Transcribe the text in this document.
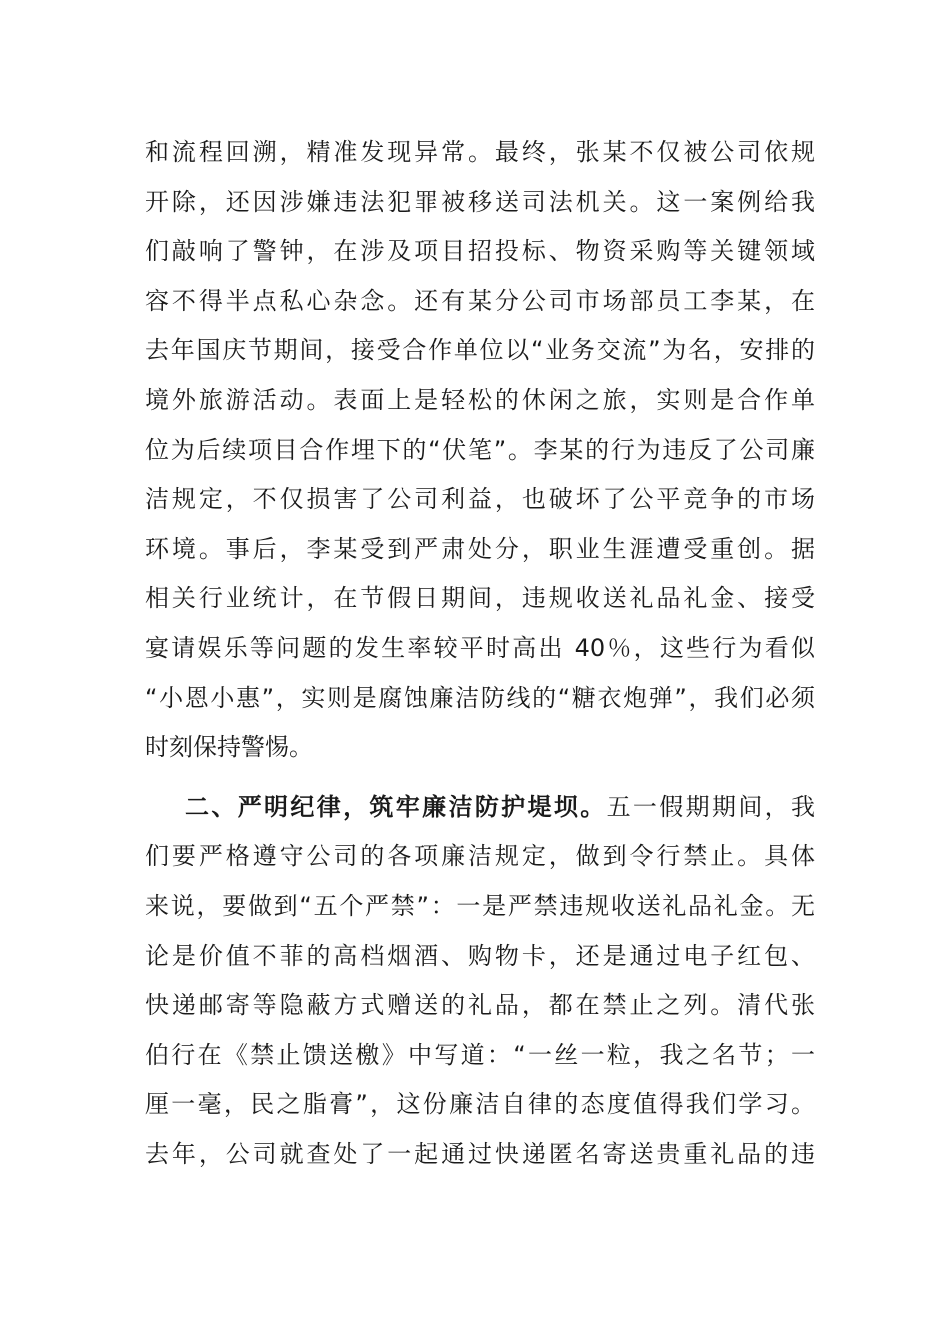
和流程回溯，精准发现异常。最终，张某不仅被公司依规
开除，还因涉嫌违法犯罪被移送司法机关。这一案例给我
们敲响了警钟，在涉及项目招投标、物资采购等关键领域
容不得半点私心杂念。还有某分公司市场部员工李某，在
去年国庆节期间，接受合作单位以“业务交流”为名，安排的
境外旅游活动。表面上是轻松的休闲之旅，实则是合作单
位为后续项目合作埋下的“伏笔”。李某的行为违反了公司廉
洁规定，不仅损害了公司利益，也破坏了公平竞争的市场
环境。事后，李某受到严肃处分，职业生涯遭受重创。据
相关行业统计，在节假日期间，违规收送礼品礼金、接受
宴请娱乐等问题的发生率较平时高出 40％，这些行为看似
“小恩小惠”，实则是腐蚀廉洁防线的“糖衣炮弹”，我们必须
时刻保持警惕。
二、严明纪律，筑牢廉洁防护堤坝。五一假期期间，我
们要严格遵守公司的各项廉洁规定，做到令行禁止。具体
来说，要做到“五个严禁”：一是严禁违规收送礼品礼金。无
论是价值不菲的高档烟酒、购物卡，还是通过电子红包、
快递邮寄等隐蔽方式赠送的礼品，都在禁止之列。清代张
伯行在《禁止馈送檄》中写道：“一丝一粒，我之名节；一
厘一毫，民之脂膏”，这份廉洁自律的态度值得我们学习。
去年，公司就查处了一起通过快递匿名寄送贵重礼品的违
